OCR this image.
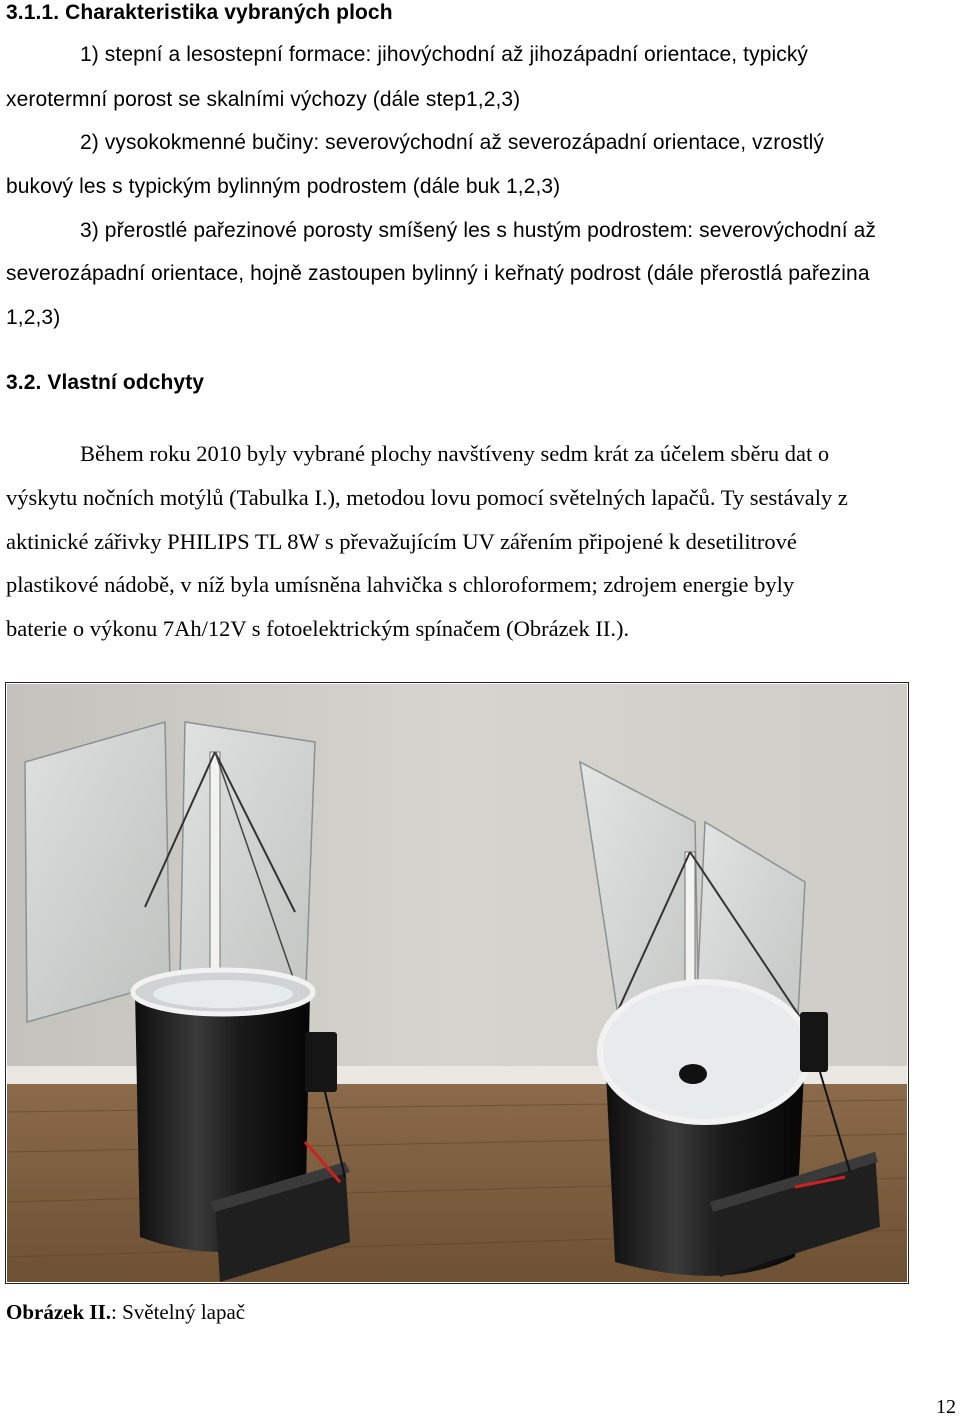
3.1.1. Charakteristika vybraných ploch
1) stepní a lesostepní formace: jihovýchodní až jihozápadní orientace, typický
xerotermní porost se skalními výchozy (dále step1,2,3)
2) vysokokmenné bučiny: severovýchodní až severozápadní orientace, vzrostlý
bukový les s typickým bylinným podrostem (dále buk 1,2,3)
3) přerostlé pařezinové porosty smíšený les s hustým podrostem: severovýchodní až
severozápadní orientace, hojně zastoupen bylinný i keřnatý podrost (dále přerostlá pařezina
1,2,3)
3.2. Vlastní odchyty
Během roku 2010 byly vybrané plochy navštíveny sedm krát za účelem sběru dat o
výskytu nočních motýlů (Tabulka I.), metodou lovu pomocí světelných lapačů. Ty sestávaly z
aktinické zářivky PHILIPS TL 8W s převažujícím UV zářením připojené k desetilitrové
plastikové nádobě, v níž byla umísněna lahvička s chloroformem; zdrojem energie byly
baterie o výkonu 7Ah/12V s fotoelektrickým spínačem (Obrázek II.).
Obrázek II.: Světelný lapač
12
